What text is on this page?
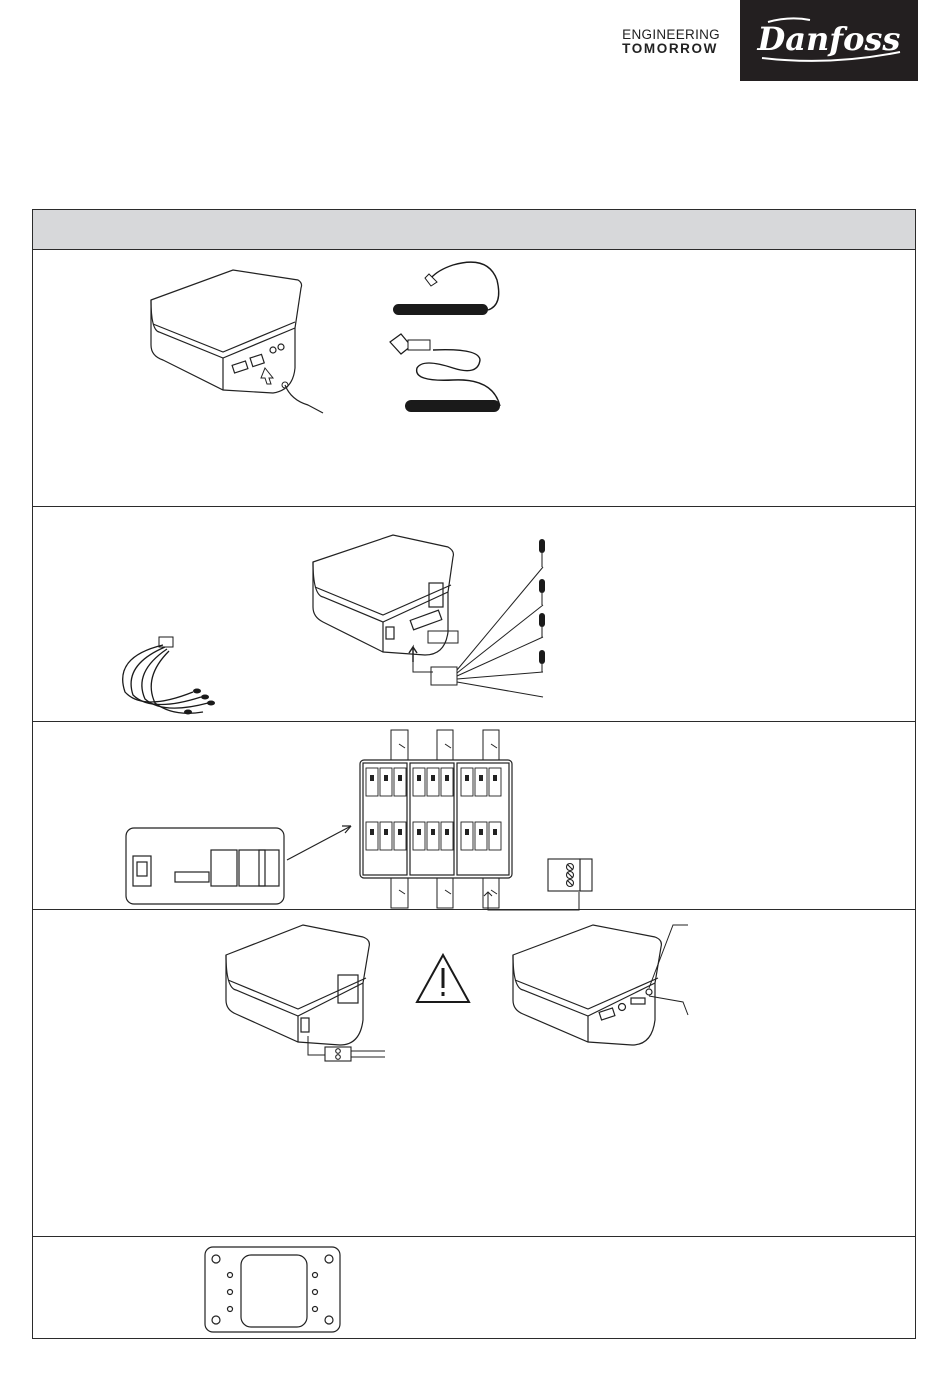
ENGINEERING
TOMORROW Danfoss
